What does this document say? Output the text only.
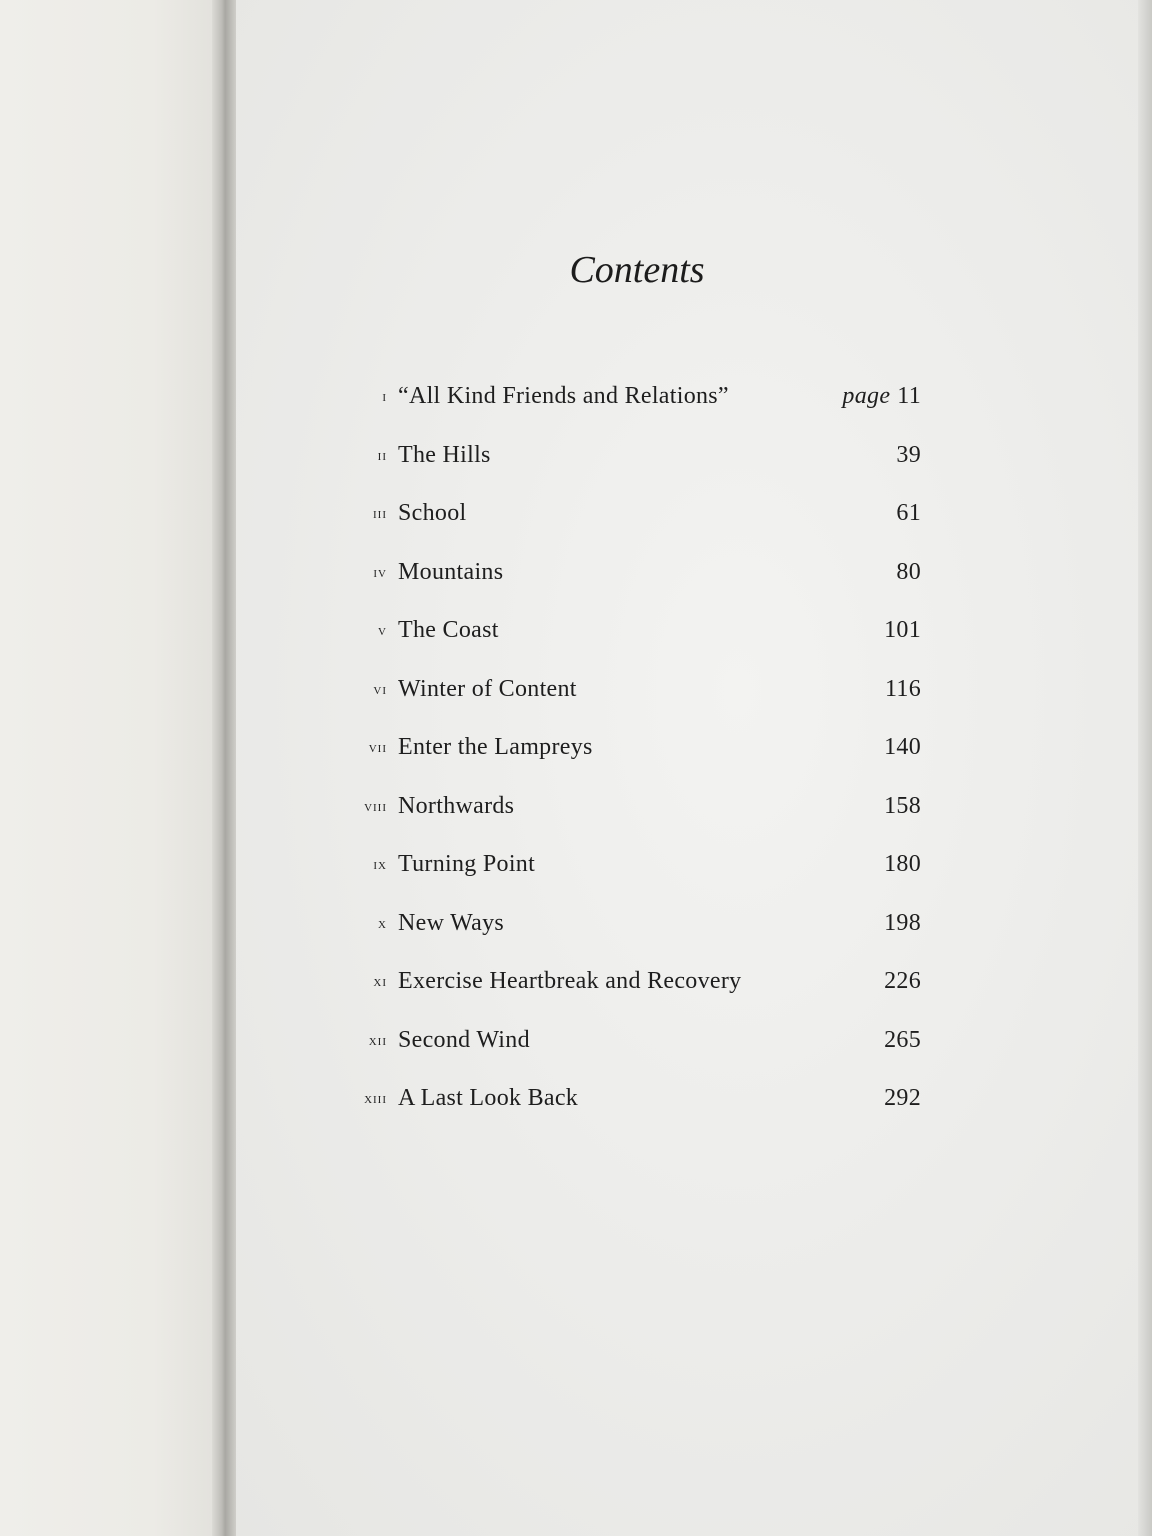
Contents
i “All Kind Friends and Relations”	page 11
ii The Hills	39
iii School	61
iv Mountains	80
v The Coast	101
vi Winter of Content	116
vii Enter the Lampreys	140
viii Northwards	158
ix Turning Point	180
x New Ways	198
xi Exercise Heartbreak and Recovery	226
xii Second Wind	265
xiii A Last Look Back	292
